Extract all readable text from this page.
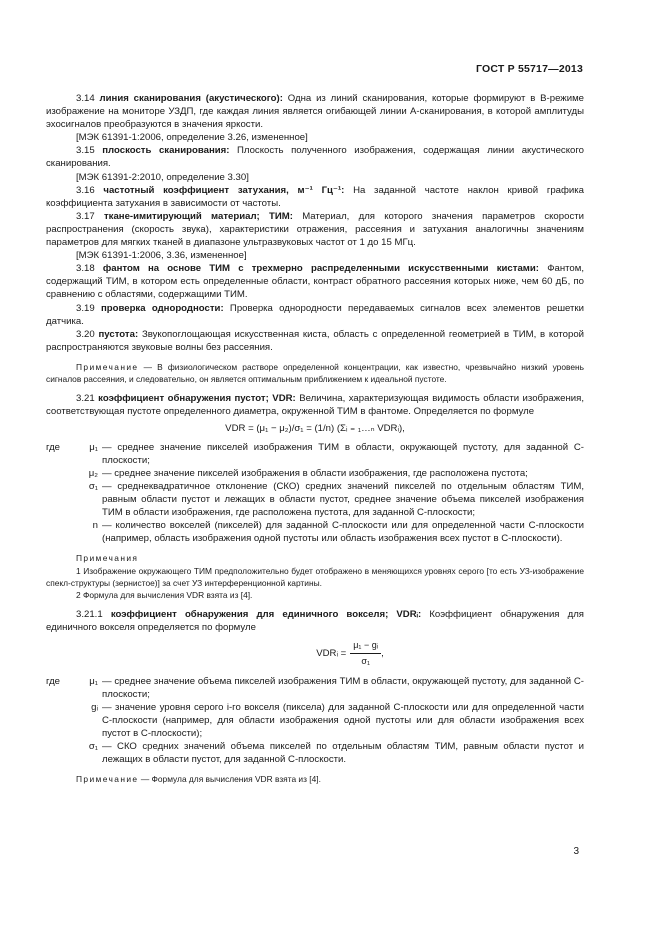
ГОСТ Р 55717—2013

3.14 линия сканирования (акустического): Одна из линий сканирования, которые формируют в В-режиме изображение на мониторе УЗДП, где каждая линия является огибающей линии А-сканирования, в которой амплитуды эхосигналов преобразуются в значения яркости.

[МЭК 61391-1:2006, определение 3.26, измененное]

3.15 плоскость сканирования: Плоскость полученного изображения, содержащая линии акустического сканирования.

[МЭК 61391-2:2010, определение 3.30]

3.16 частотный коэффициент затухания, м⁻¹ Гц⁻¹: На заданной частоте наклон кривой графика коэффициента затухания в зависимости от частоты.

3.17 ткане-имитирующий материал; ТИМ: Материал, для которого значения параметров скорости распространения (скорость звука), характеристики отражения, рассеяния и затухания аналогичны значениям параметров для мягких тканей в диапазоне ультразвуковых частот от 1 до 15 МГц.

[МЭК 61391-1:2006, 3.36, измененное]

3.18 фантом на основе ТИМ с трехмерно распределенными искусственными кистами: Фантом, содержащий ТИМ, в котором есть определенные области, контраст обратного рассеяния которых ниже, чем 60 дБ, по сравнению с областями, содержащими ТИМ.

3.19 проверка однородности: Проверка однородности передаваемых сигналов всех элементов решетки датчика.

3.20 пустота: Звукопоглощающая искусственная киста, область с определенной геометрией в ТИМ, в которой распространяются звуковые волны без рассеяния.

Примечание — В физиологическом растворе определенной концентрации, как известно, чрезвычайно низкий уровень сигналов рассеяния, и следовательно, он является оптимальным приближением к идеальной пустоте.

3.21 коэффициент обнаружения пустот; VDR: Величина, характеризующая видимость области изображения, соответствующая пустоте определенного диаметра, окруженной ТИМ в фантоме. Определяется по формуле

VDR = (μ₁ − μ₂)/σ₁ = (1/n) (Σᵢ ₌ ₁…ₙ VDRᵢ),

где	μ₁ — среднее значение пикселей изображения ТИМ в области, окружающей пустоту, для заданной С-плоскости;
μ₂ — среднее значение пикселей изображения в области изображения, где расположена пустота;
σ₁ — среднеквадратичное отклонение (СКО) средних значений пикселей по отдельным областям ТИМ, равным области пустот и лежащих в области пустот, среднее значение объема пикселей изображения ТИМ в области изображения, где расположена пустота, для заданной С-плоскости;
n — количество вокселей (пикселей) для заданной С-плоскости или для определенной части С-плоскости (например, область изображения одной пустоты или область изображения всех пустот в С-плоскости).

Примечания

1 Изображение окружающего ТИМ предположительно будет отображено в меняющихся уровнях серого [то есть УЗ-изображение спекл-структуры (зернистое)] за счет УЗ интерференционной картины.

2 Формула для вычисления VDR взята из [4].

3.21.1 коэффициент обнаружения для единичного вокселя; VDRᵢ: Коэффициент обнаружения для единичного вокселя определяется по формуле

VDRᵢ = $\frac{\text{μ₁ − gᵢ}}{\text{σ₁}}$ ,
где	μ₁ — среднее значение объема пикселей изображения ТИМ в области, окружающей пустоту, для заданной С-плоскости;
gᵢ — значение уровня серого i-го вокселя (пиксела) для заданной С-плоскости или для определенной части С-плоскости (например, для области изображения одной пустоты или для области изображения всех пустот в С-плоскости);
σ₁ — СКО средних значений объема пикселей по отдельным областям ТИМ, равным области пустот и лежащих в области пустот, для заданной С-плоскости.

Примечание — Формула для вычисления VDR взята из [4].

3
